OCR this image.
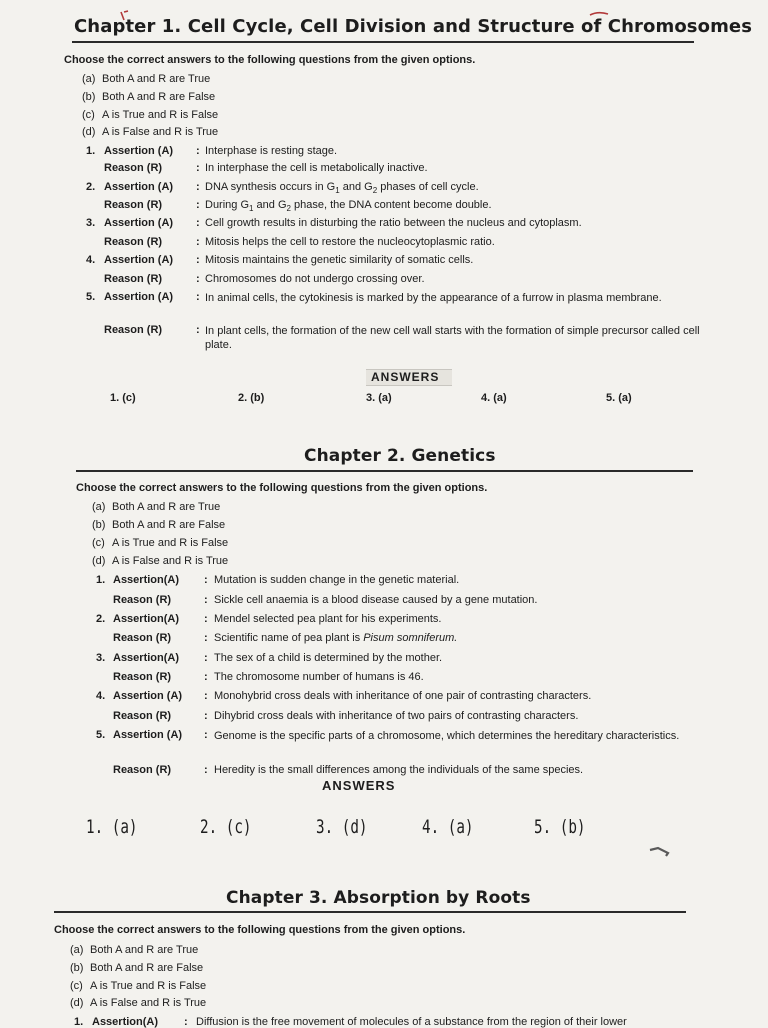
Chapter 1. Cell Cycle, Cell Division and Structure of Chromosomes
Choose the correct answers to the following questions from the given options.
(a) Both A and R are True
(b) Both A and R are False
(c) A is True and R is False
(d) A is False and R is True
1. Assertion (A) : Interphase is resting stage.
Reason (R)	: In interphase the cell is metabolically inactive.
2. Assertion (A) : DNA synthesis occurs in $G_1$ and $G_2$ phases of cell cycle.
Reason (R)	: During $G_1$ and $G_2$ phase, the DNA content become double.
3. Assertion (A) : Cell growth results in disturbing the ratio between the nucleus and cytoplasm.
Reason (R)	: Mitosis helps the cell to restore the nucleocytoplasmic ratio.
4. Assertion (A) : Mitosis maintains the genetic similarity of somatic cells.
Reason (R)	: Chromosomes do not undergo crossing over.
5. Assertion (A) : In animal cells, the cytokinesis is marked by the appearance of a furrow in plasma membrane.
Reason (R)	: In plant cells, the formation of the new cell wall starts with the formation of simple precursor called cell plate.
ANSWERS
1. (c)	2. (b)	3. (a)	4. (a)	5. (a)
Chapter 2. Genetics
Choose the correct answers to the following questions from the given options.
(a) Both A and R are True
(b) Both A and R are False
(c) A is True and R is False
(d) A is False and R is True
1. Assertion(A) : Mutation is sudden change in the genetic material.
Reason (R)	: Sickle cell anaemia is a blood disease caused by a gene mutation.
2. Assertion(A) : Mendel selected pea plant for his experiments.
Reason (R)	: Scientific name of pea plant is Pisum somniferum.
3. Assertion(A) : The sex of a child is determined by the mother.
Reason (R)	: The chromosome number of humans is 46.
4. Assertion (A) : Monohybrid cross deals with inheritance of one pair of contrasting characters.
Reason (R)	: Dihybrid cross deals with inheritance of two pairs of contrasting characters.
5. Assertion (A) : Genome is the specific parts of a chromosome, which determines the hereditary characteristics.
Reason (R)	: Heredity is the small differences among the individuals of the same species.
ANSWERS
1. (a)	2. (c)	3. (d)	4. (a)	5. (b)
Chapter 3. Absorption by Roots
Choose the correct answers to the following questions from the given options.
(a) Both A and R are True
(b) Both A and R are False
(c) A is True and R is False
(d) A is False and R is True
1. Assertion(A) : Diffusion is the free movement of molecules of a substance from the region of their lower
